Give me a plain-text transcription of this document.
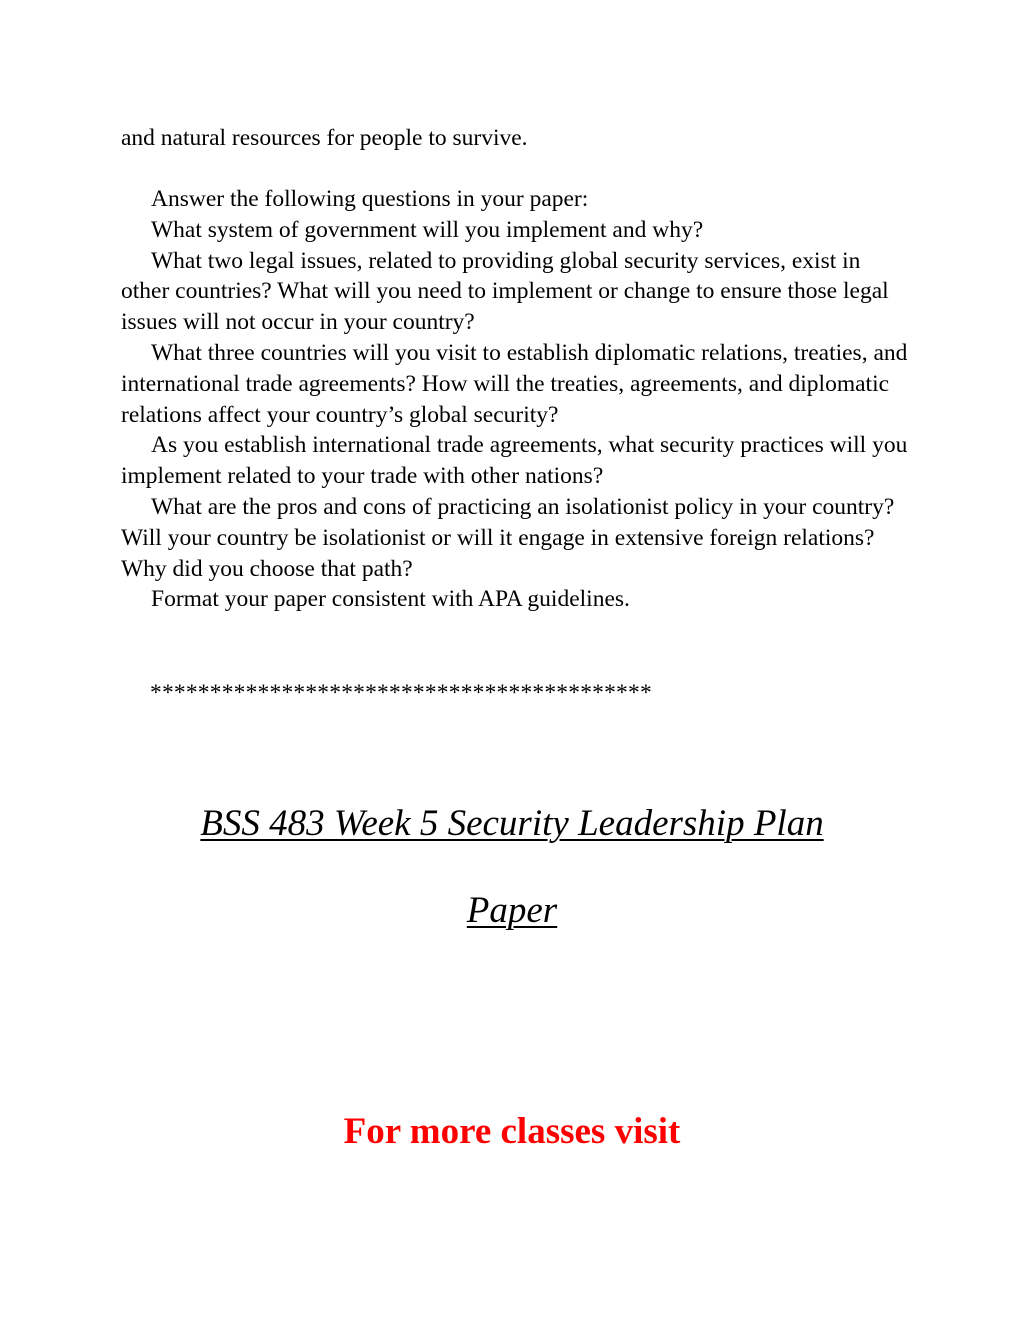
and natural resources for people to survive.

Answer the following questions in your paper:

What system of government will you implement and why?

What two legal issues, related to providing global security services, exist in other countries? What will you need to implement or change to ensure those legal issues will not occur in your country?

What three countries will you visit to establish diplomatic relations, treaties, and international trade agreements? How will the treaties, agreements, and diplomatic relations affect your country’s global security?

As you establish international trade agreements, what security practices will you implement related to your trade with other nations?

What are the pros and cons of practicing an isolationist policy in your country? Will your country be isolationist or will it engage in extensive foreign relations? Why did you choose that path?

Format your paper consistent with APA guidelines.

******************************************

BSS 483 Week 5 Security Leadership Plan

Paper

For more classes visit
